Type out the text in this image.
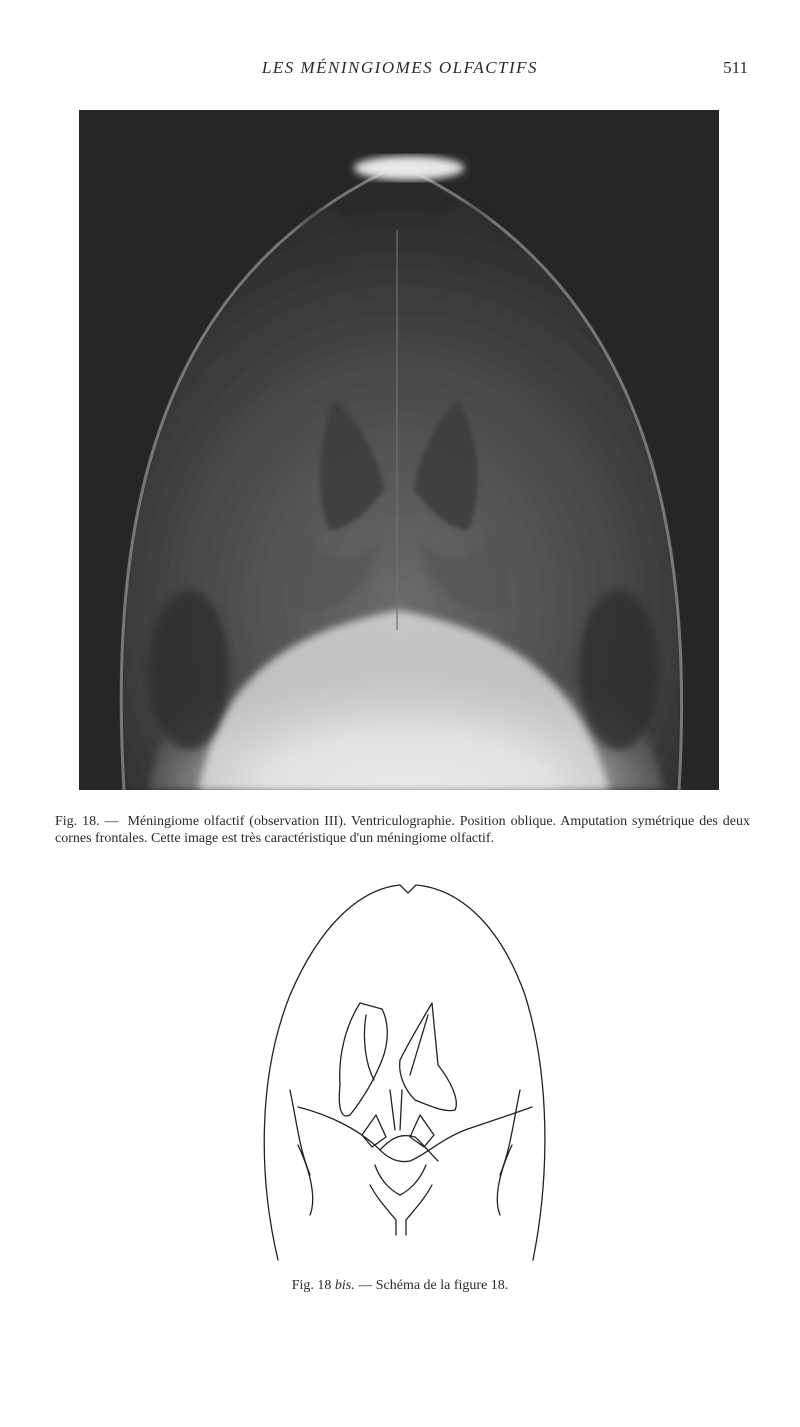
LES MÉNINGIOMES OLFACTIFS	511
Fig. 18. — Méningiome olfactif (observation III). Ventriculographie. Position oblique. Amputation symétrique des deux cornes frontales. Cette image est très caractéristique d'un méningiome olfactif.
Fig. 18 bis. — Schéma de la figure 18.
